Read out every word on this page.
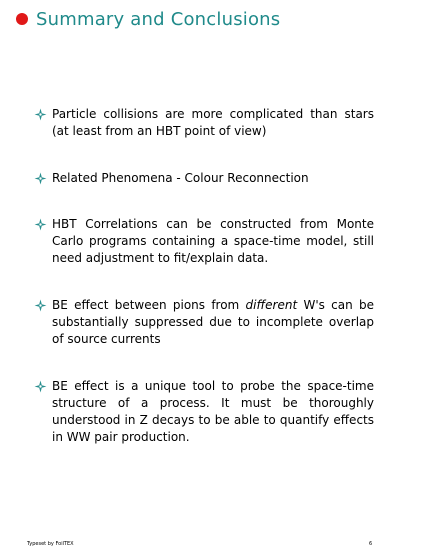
Summary and Conclusions
Particle collisions are more complicated than stars (at least from an HBT point of view)
Related Phenomena - Colour Reconnection
HBT Correlations can be constructed from Monte Carlo programs containing a space-time model, still need adjustment to fit/explain data.
BE effect between pions from different W's can be substantially suppressed due to incomplete overlap of source currents
BE effect is a unique tool to probe the space-time structure of a process. It must be thoroughly understood in Z decays to be able to quantify effects in WW pair production.
Typeset by FoilTEX	6
